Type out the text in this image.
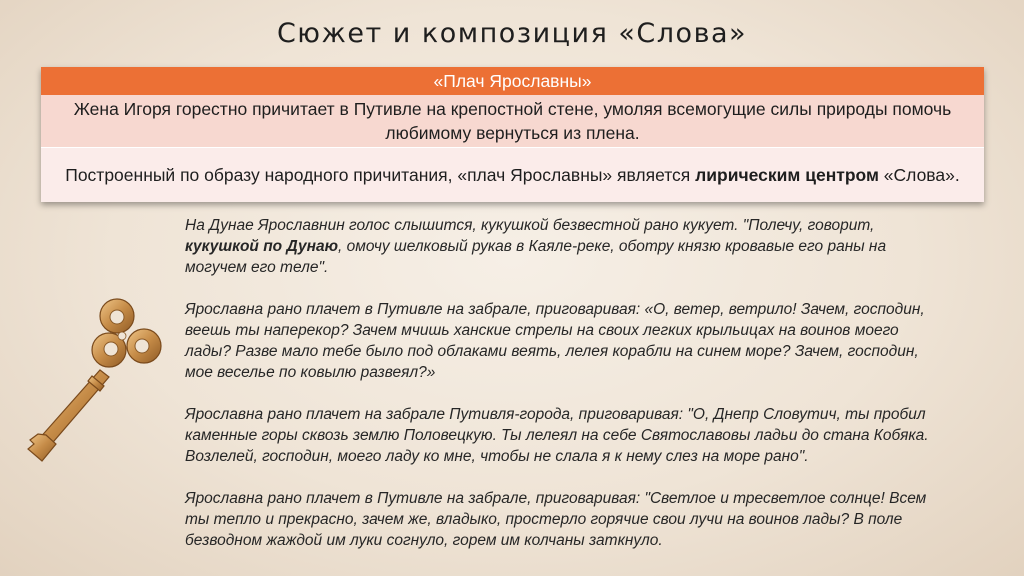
Сюжет и композиция «Слова»
«Плач Ярославны»
Жена Игоря горестно причитает в Путивле на крепостной стене, умоляя всемогущие силы природы помочь любимому вернуться из плена.
Построенный по образу народного причитания, «плач Ярославны» является лирическим центром «Слова».

На Дунае Ярославнин голос слышится, кукушкой безвестной рано кукует. "Полечу, говорит, кукушкой по Дунаю, омочу шелковый рукав в Каяле-реке, оботру князю кровавые его раны на могучем его теле".

Ярославна рано плачет в Путивле на забрале, приговаривая: «О, ветер, ветрило! Зачем, господин, веешь ты наперекор? Зачем мчишь ханские стрелы на своих легких крыльицах на воинов моего лады? Разве мало тебе было под облаками веять, лелея корабли на синем море? Зачем, господин, мое веселье по ковылю развеял?»

Ярославна рано плачет на забрале Путивля-города, приговаривая: "О, Днепр Словутич, ты пробил каменные горы сквозь землю Половецкую. Ты лелеял на себе Святославовы ладьи до стана Кобяка. Возлелей, господин, моего ладу ко мне, чтобы не слала я к нему слез на море рано".

Ярославна рано плачет в Путивле на забрале, приговаривая: "Светлое и тресветлое солнце! Всем ты тепло и прекрасно, зачем же, владыко, простерло горячие свои лучи на воинов лады? В поле безводном жаждой им луки согнуло, горем им колчаны заткнуло.
